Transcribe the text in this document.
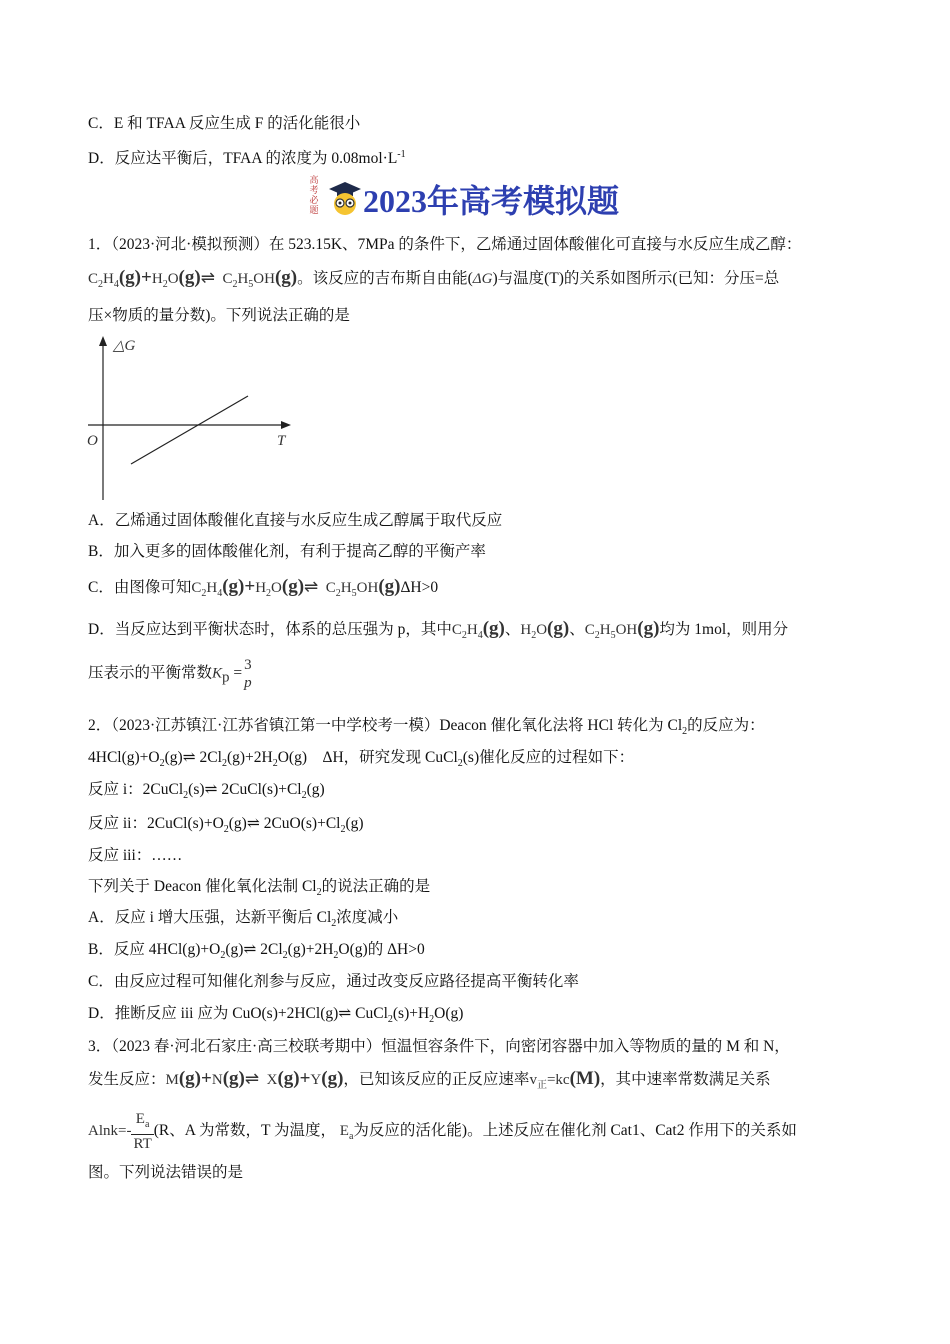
C．E 和 TFAA 反应生成 F 的活化能很小
D．反应达平衡后，TFAA 的浓度为 $0.08mol\cdot L^{-1}$
高考必题 2023年高考模拟题
1．（2023·河北·模拟预测）在 523.15K、7MPa 的条件下，乙烯通过固体酸催化可直接与水反应生成乙醇：
$C_2H_4(g)+H_2O(g)\rightleftharpoons$ $C_2H_5OH(g)$。该反应的吉布斯自由能(ΔG)与温度(T)的关系如图所示(已知：分压=总
压×物质的量分数)。下列说法正确的是
△G
T
O
A．乙烯通过固体酸催化直接与水反应生成乙醇属于取代反应
B．加入更多的固体酸催化剂，有利于提高乙醇的平衡产率
C．由图像可知$C_2H_4(g)+H_2O(g)\rightleftharpoons$ $C_2H_5OH(g)\Delta H>0$
D．当反应达到平衡状态时，体系的总压强为 p，其中$C_2H_4(g)$、$H_2O(g)$、$C_2H_5OH(g)$均为 1mol，则用分
压表示的平衡常数$K_p = 3$
p
2．（2023·江苏镇江·江苏省镇江第一中学校考一模）Deacon 催化氧化法将 HCl 转化为 $Cl_2$的反应为：
$4HCl(g)+O_2(g)\rightleftharpoons$ $2Cl_2(g)+2H_2O(g)$　ΔH，研究发现 CuCl$_2$(s)催化反应的过程如下：
反应 i：2CuCl$_2$(s)⇌ $2CuCl(s)+Cl_2(g)$
反应 ii：$2CuCl(s)+O_2(g)\rightleftharpoons$ $2CuO(s)+Cl_2(g)$
反应 iii：……
下列关于 Deacon 催化氧化法制 $Cl_2$的说法正确的是
A．反应 i 增大压强，达新平衡后 $Cl_2$浓度减小
B．反应 $4HCl(g)+O_2(g)\rightleftharpoons$ $2Cl_2(g)+2H_2O(g)$的 ΔH>0
C．由反应过程可知催化剂参与反应，通过改变反应路径提高平衡转化率
D．推断反应 iii 应为 CuO(s)+2HCl(g)⇌ $CuCl_2(s)+H_2O(g)$
3．（2023 春·河北石家庄·高三校联考期中）恒温恒容条件下，向密闭容器中加入等物质的量的 M 和 N，
发生反应：M(g)+N(g)⇌ X(g)+Y(g)，已知该反应的正反应速率$v_正=kc(M)$，其中速率常数满足关系
$Alnk=- \frac{E_a}{RT} (R$、A 为常数，T 为温度， $E_a$为反应的活化能)。上述反应在催化剂 Cat1、Cat2 作用下的关系如
图。下列说法错误的是
